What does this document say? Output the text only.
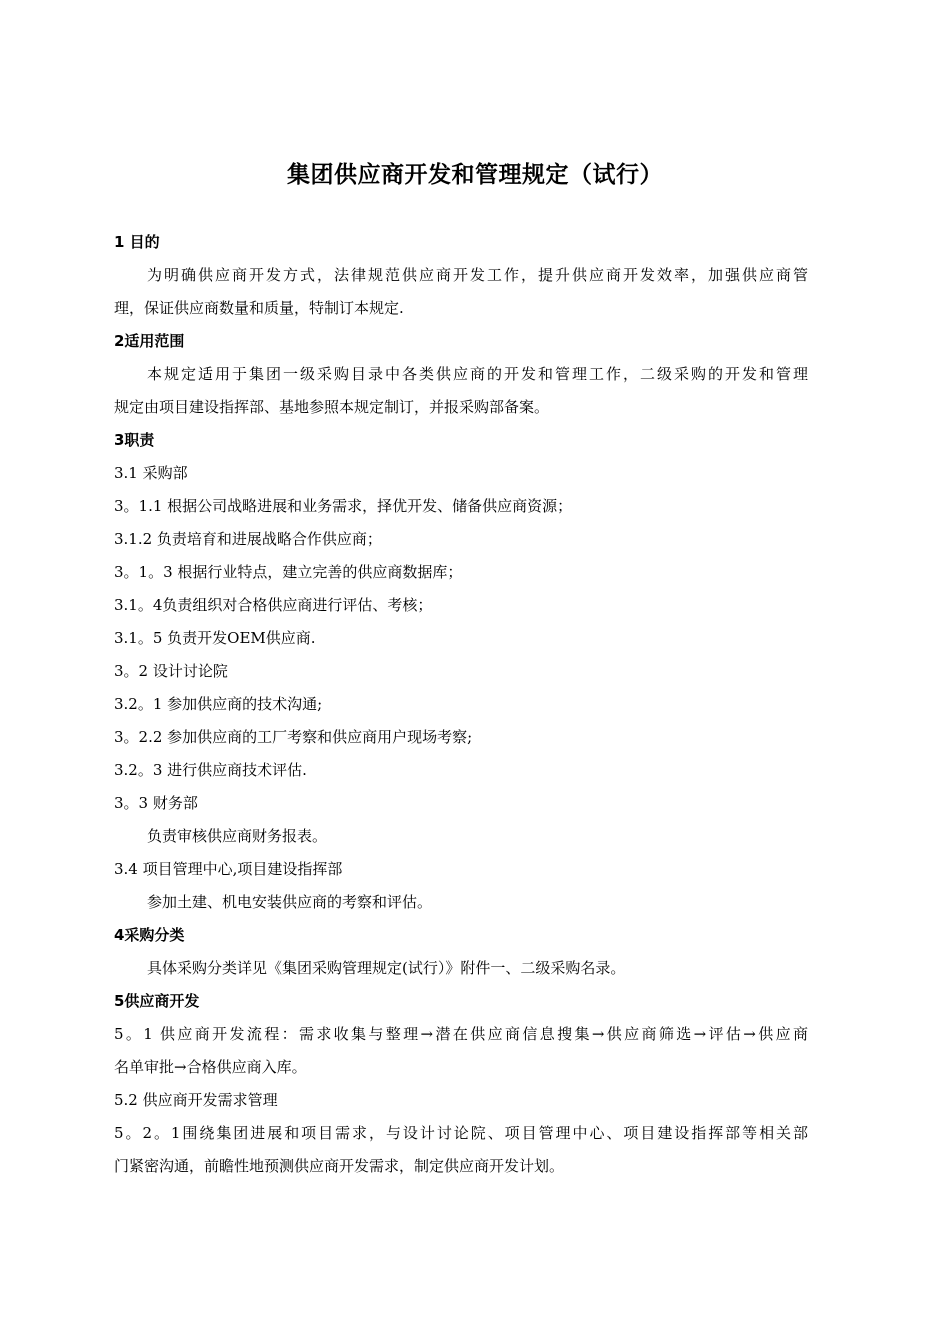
集团供应商开发和管理规定（试行）
1 目的
为明确供应商开发方式，法律规范供应商开发工作，提升供应商开发效率，加强供应商管
理，保证供应商数量和质量，特制订本规定.
2适用范围
本规定适用于集团一级采购目录中各类供应商的开发和管理工作，二级采购的开发和管理
规定由项目建设指挥部、基地参照本规定制订，并报采购部备案。
3职责
3.1 采购部
3。1.1 根据公司战略进展和业务需求，择优开发、储备供应商资源；
3.1.2 负责培育和进展战略合作供应商；
3。1。3 根据行业特点，建立完善的供应商数据库；
3.1。4负责组织对合格供应商进行评估、考核；
3.1。5 负责开发OEM供应商.
3。2 设计讨论院
3.2。1 参加供应商的技术沟通;
3。2.2 参加供应商的工厂考察和供应商用户现场考察;
3.2。3 进行供应商技术评估.
3。3 财务部
负责审核供应商财务报表。
3.4 项目管理中心,项目建设指挥部
参加土建、机电安装供应商的考察和评估。
4采购分类
具体采购分类详见《集团采购管理规定(试行）》附件一、二级采购名录。
5供应商开发
5。1 供应商开发流程：需求收集与整理→潜在供应商信息搜集→供应商筛选→评估→供应商
名单审批→合格供应商入库。
5.2 供应商开发需求管理
5。2。1围绕集团进展和项目需求，与设计讨论院、项目管理中心、项目建设指挥部等相关部
门紧密沟通，前瞻性地预测供应商开发需求，制定供应商开发计划。
